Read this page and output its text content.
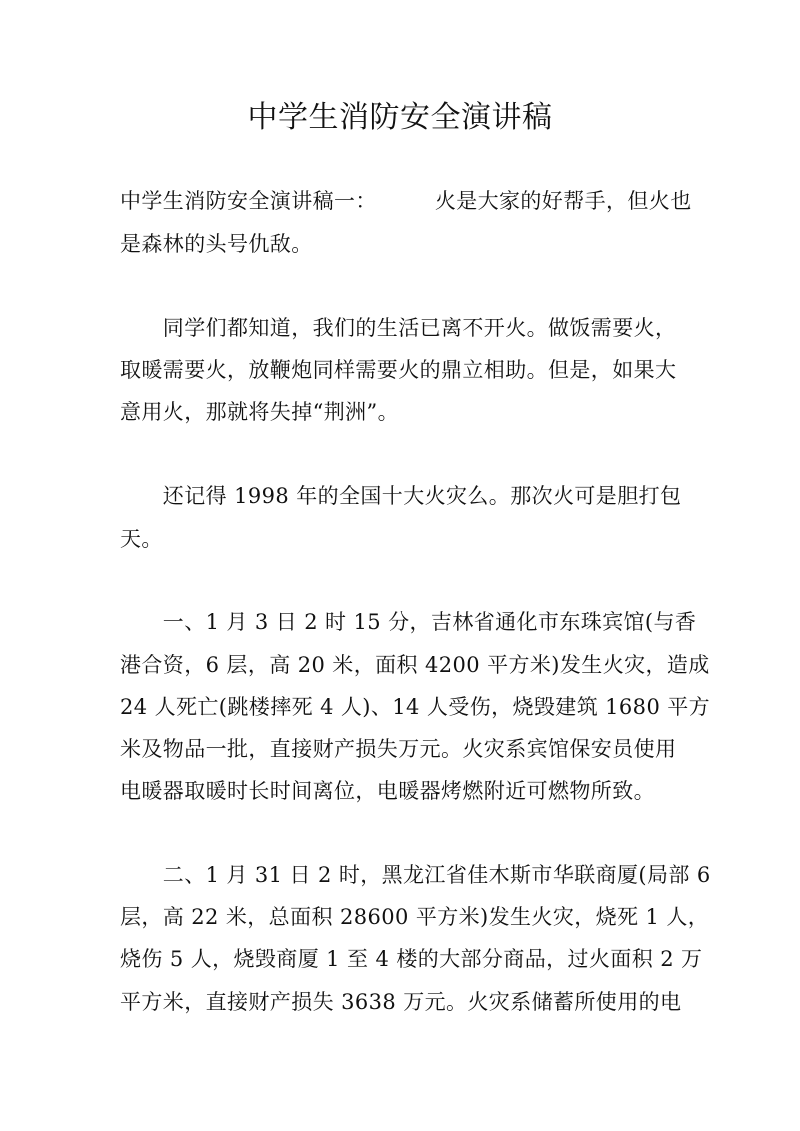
中学生消防安全演讲稿
中学生消防安全演讲稿一：	火是大家的好帮手，但火也
是森林的头号仇敌。
　　同学们都知道，我们的生活已离不开火。做饭需要火，
取暖需要火，放鞭炮同样需要火的鼎立相助。但是，如果大
意用火，那就将失掉“荆洲”。
　　还记得 1998 年的全国十大火灾么。那次火可是胆打包
天。
　　一、1 月 3 日 2 时 15 分，吉林省通化市东珠宾馆(与香
港合资，6 层，高 20 米，面积 4200 平方米)发生火灾，造成
24 人死亡(跳楼摔死 4 人)、14 人受伤，烧毁建筑 1680 平方
米及物品一批，直接财产损失万元。火灾系宾馆保安员使用
电暖器取暖时长时间离位，电暖器烤燃附近可燃物所致。
　　二、1 月 31 日 2 时，黑龙江省佳木斯市华联商厦(局部 6
层，高 22 米，总面积 28600 平方米)发生火灾，烧死 1 人，
烧伤 5 人，烧毁商厦 1 至 4 楼的大部分商品，过火面积 2 万
平方米，直接财产损失 3638 万元。火灾系储蓄所使用的电
